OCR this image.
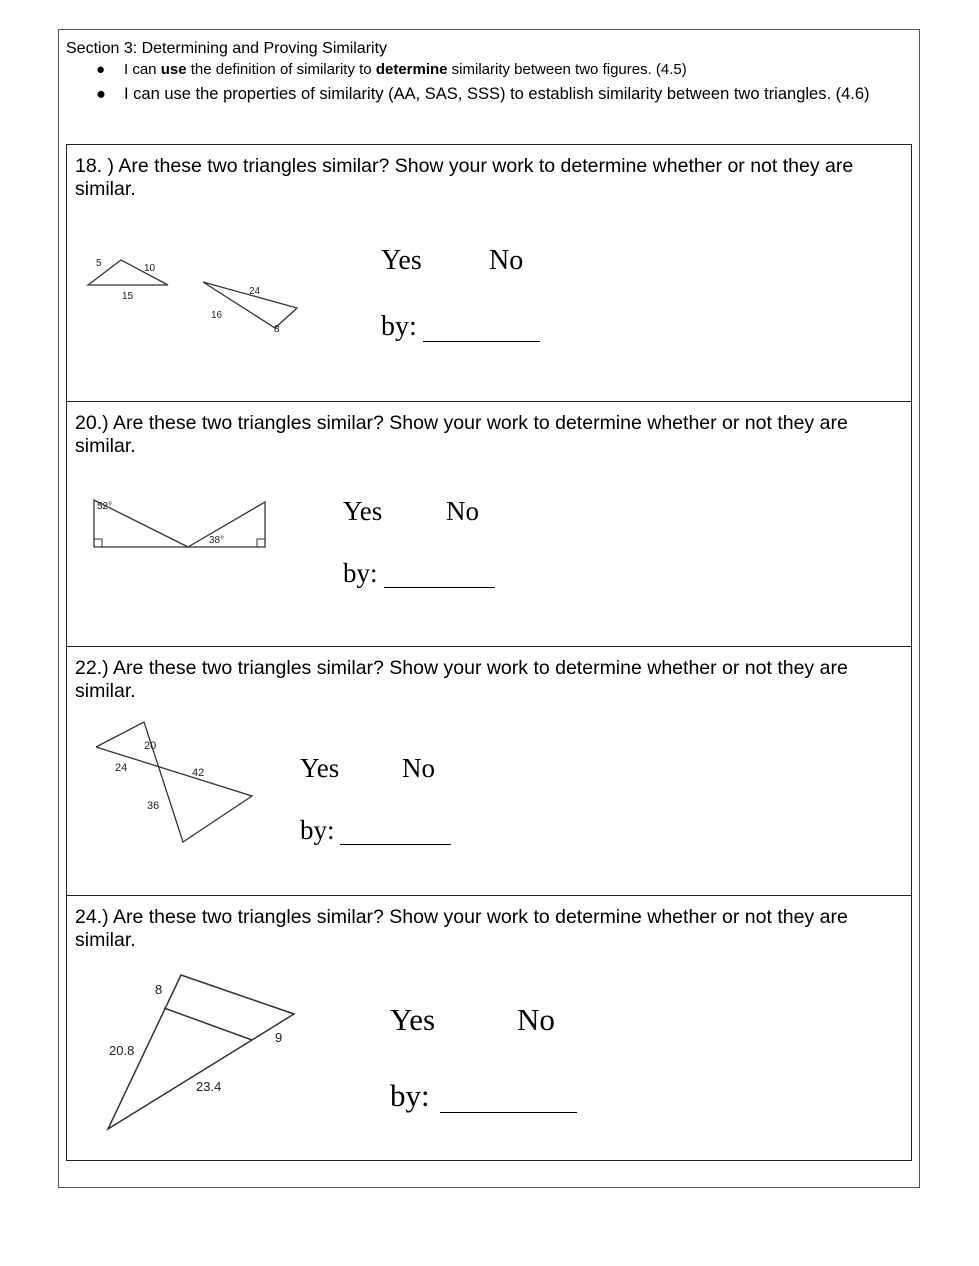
Section 3: Determining and Proving Similarity
● I can use the definition of similarity to determine similarity between two figures. (4.5)
● I can use the properties of similarity (AA, SAS, SSS) to establish similarity between two triangles. (4.6)
18. ) Are these two triangles similar? Show your work to determine whether or not they are similar.
5	10
15	24
16
8
Yes No
by:
20.) Are these two triangles similar? Show your work to determine whether or not they are similar.
52°
38°
Yes No
by:
22.) Are these two triangles similar? Show your work to determine whether or not they are similar.
20
24	42
36
Yes No
by:
24.) Are these two triangles similar? Show your work to determine whether or not they are similar.
8
9
20.8
23.4
Yes	No
by:
